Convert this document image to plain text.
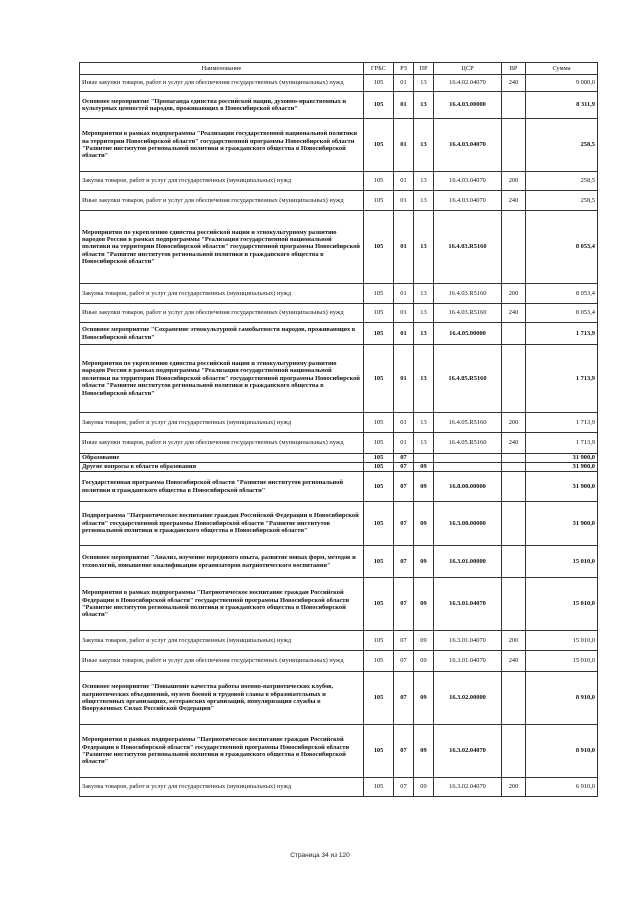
Наименование	ГРБС	РЗ	ПР	ЦСР	ВР	Сумма
Иные закупки товаров, работ и услуг для обеспечения государственных (муниципальных) нужд	105	01	13	16.4.02.04070	240	9 000,0
Основное мероприятие "Пропаганда единства российской нации, духовно-нравственных и культурных ценностей народов, проживающих в Новосибирской области"	105	01	13	16.4.03.00000		8 311,9
Мероприятия в рамках подпрограммы "Реализация государственной национальной политики на территории Новосибирской области" государственной программы Новосибирской области "Развитие институтов региональной политики и гражданского общества в Новосибирской области"	105	01	13	16.4.03.04070		258,5
Закупка товаров, работ и услуг для государственных (муниципальных) нужд	105	01	13	16.4.03.04070	200	258,5
Иные закупки товаров, работ и услуг для обеспечения государственных (муниципальных) нужд	105	01	13	16.4.03.04070	240	258,5
Мероприятия по укреплению единства российской нации и этнокультурному развитию народов России в рамках подпрограммы "Реализация государственной национальной политики на территории Новосибирской области" государственной программы Новосибирской области "Развитие институтов региональной политики и гражданского общества в Новосибирской области"	105	01	13	16.4.03.R5160		8 053,4
Закупка товаров, работ и услуг для государственных (муниципальных) нужд	105	01	13	16.4.03.R5160	200	8 053,4
Иные закупки товаров, работ и услуг для обеспечения государственных (муниципальных) нужд	105	01	13	16.4.03.R5160	240	8 053,4
Основное мероприятие "Сохранение этнокультурной самобытности народов, проживающих в Новосибирской области"	105	01	13	16.4.05.00000		1 713,9
Мероприятия по укреплению единства российской нации и этнокультурному развитию народов России в рамках подпрограммы "Реализация государственной национальной политики на территории Новосибирской области" государственной программы Новосибирской области "Развитие институтов региональной политики и гражданского общества в Новосибирской области"	105	01	13	16.4.05.R5160		1 713,9
Закупка товаров, работ и услуг для государственных (муниципальных) нужд	105	01	13	16.4.05.R5160	200	1 713,9
Иные закупки товаров, работ и услуг для обеспечения государственных (муниципальных) нужд	105	01	13	16.4.05.R5160	240	1 713,9
Образование	105	07				31 900,0
Другие вопросы в области образования	105	07	09			31 900,0
Государственная программа Новосибирской области "Развитие институтов региональной политики и гражданского общества в Новосибирской области"	105	07	09	16.0.00.00000		31 900,0
Подпрограмма "Патриотическое воспитание граждан Российской Федерации в Новосибирской области" государственной программы Новосибирской области "Развитие институтов региональной политики и гражданского общества в Новосибирской области"	105	07	09	16.3.00.00000		31 900,0
Основное мероприятие "Анализ, изучение передового опыта, развитие новых форм, методов и технологий, повышение квалификации организаторов патриотического воспитания"	105	07	09	16.3.01.00000		15 010,0
Мероприятия в рамках подпрограммы "Патриотическое воспитание граждан Российской Федерации в Новосибирской области" государственной программы Новосибирской области "Развитие институтов региональной политики и гражданского общества в Новосибирской области"	105	07	09	16.3.01.04070		15 010,0
Закупка товаров, работ и услуг для государственных (муниципальных) нужд	105	07	09	16.3.01.04070	200	15 010,0
Иные закупки товаров, работ и услуг для обеспечения государственных (муниципальных) нужд	105	07	09	16.3.01.04070	240	15 010,0
Основное мероприятие "Повышение качества работы военно-патриотических клубов, патриотических объединений, музеев боевой и трудовой славы в образовательных и общественных организациях, ветеранских организаций, популяризация службы в Вооруженных Силах Российской Федерации"	105	07	09	16.3.02.00000		8 910,0
Мероприятия в рамках подпрограммы "Патриотическое воспитание граждан Российской Федерации в Новосибирской области" государственной программы Новосибирской области "Развитие институтов региональной политики и гражданского общества в Новосибирской области"	105	07	09	16.3.02.04070		8 910,0
Закупка товаров, работ и услуг для государственных (муниципальных) нужд	105	07	09	16.3.02.04070	200	6 910,0
Страница 34 из 120
